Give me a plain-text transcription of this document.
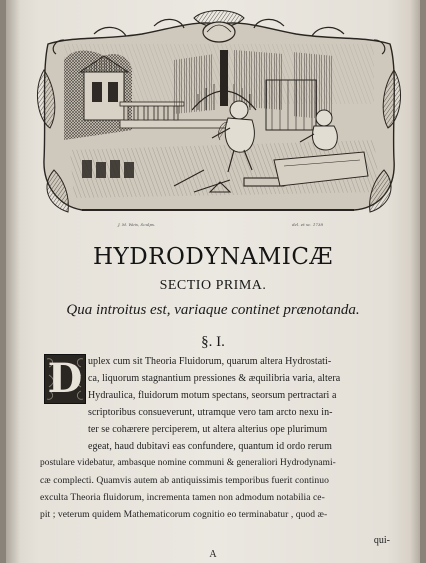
J. M. Weis, Sculps.	del. et sc. 1738
HYDRODYNAMICÆ
SECTIO PRIMA.
Qua introitus est, variaque continet prænotanda.
§. I.
D uplex cum sit Theoria Fluidorum, quarum altera Hydrostati-
ca, liquorum stagnantium pressiones & æquilibria varia, altera
Hydraulica, fluidorum motum spectans, seorsum pertractari a
scriptoribus consueverunt, utramque vero tam arcto nexu in-
ter se cohærere perciperem, ut altera alterius ope plurimum
egeat, haud dubitavi eas confundere, quantum id ordo rerum
postulare videbatur, ambasque nomine communi & generaliori Hydrodynami-
cæ complecti. Quamvis autem ab antiquissimis temporibus fuerit continuo
exculta Theoria fluidorum, incrementa tamen non admodum notabilia ce-
pit ; veterum quidem Mathematicorum cognitio eo terminabatur , quod æ-
qui-
A
